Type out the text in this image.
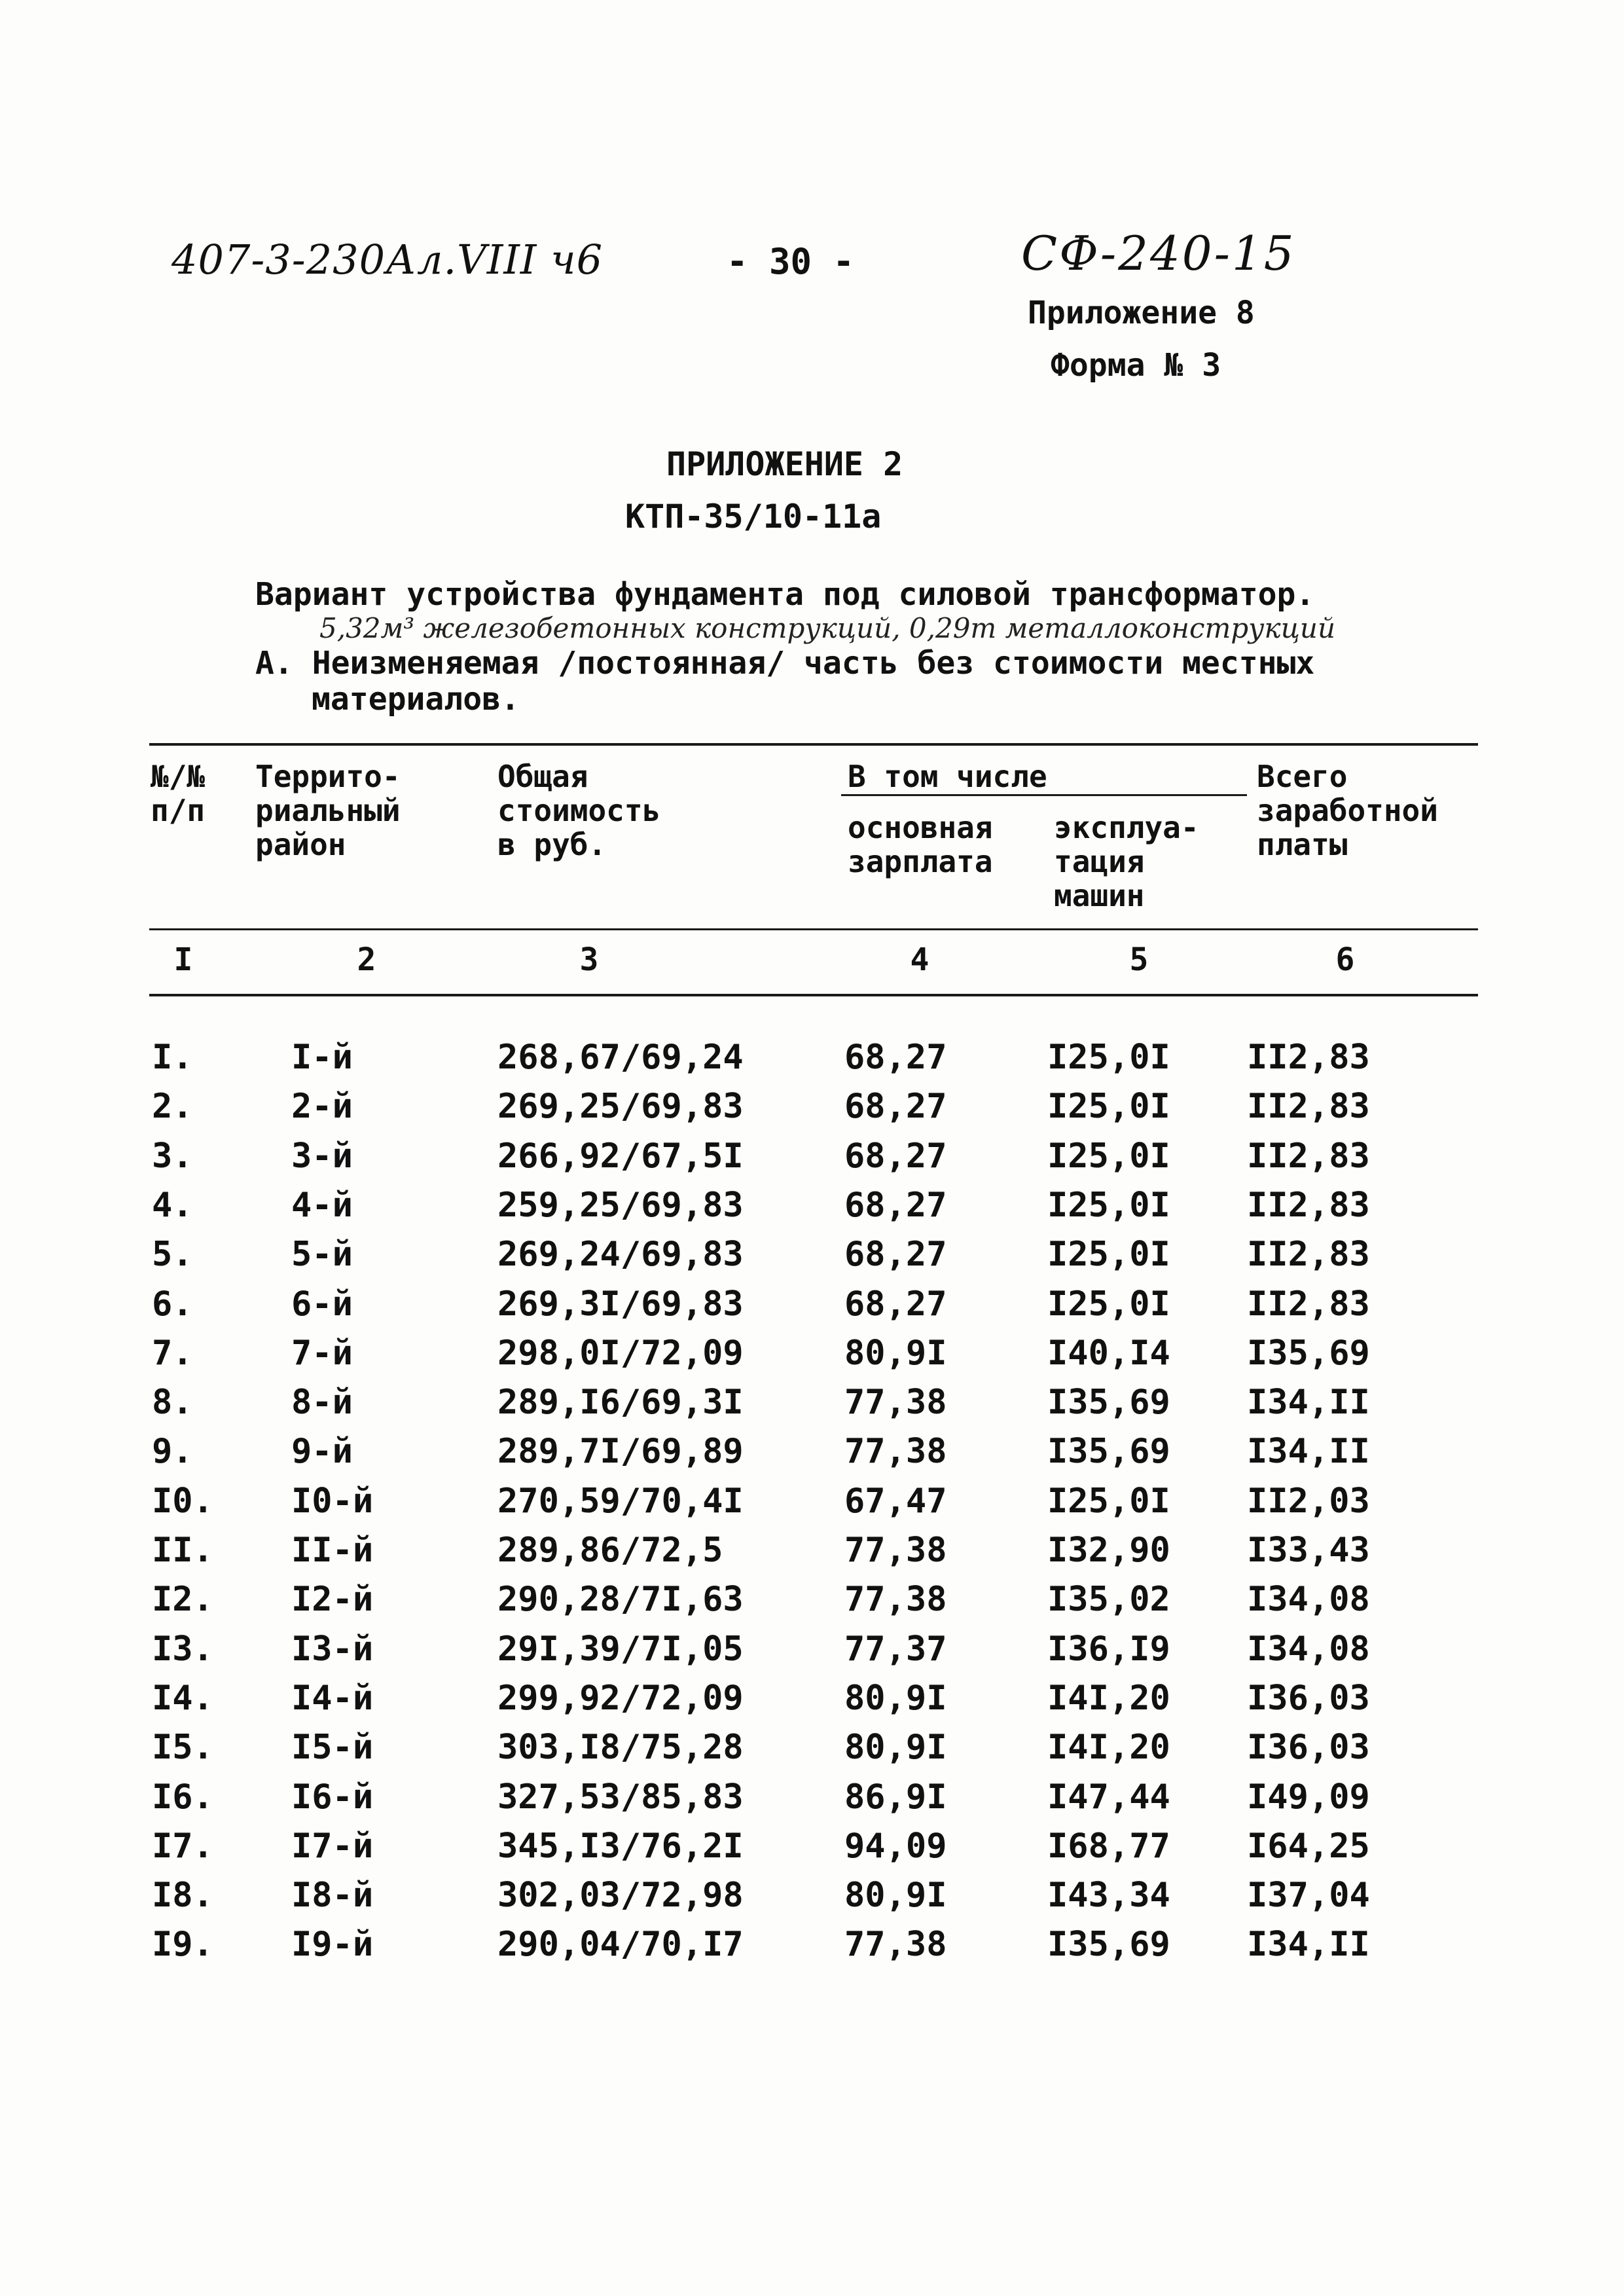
407-3-230Ал.VIII ч6	- 30 -	СФ-240-15
Приложение 8
Форма № 3
ПРИЛОЖЕНИЕ 2
КТП-35/10-11а
Вариант устройства фундамента под силовой трансформатор.
5,32м³ железобетонных конструкций, 0,29т металлоконструкций
А. Неизменяемая /постоянная/ часть без стоимости местных
материалов.
№/№
п/п
Террито-
риальный
район
Общая
стоимость
в руб.
В том числе
основная
зарплата
эксплуа-
тация
машин
Всего
заработной
платы
I	2	3	4	5	6
I.	I-й	268,67/69,24	68,27	I25,0I II2,83
2.	2-й	269,25/69,83	68,27	I25,0I II2,83
3.	3-й	266,92/67,5I	68,27	I25,0I II2,83
4.	4-й	259,25/69,83	68,27	I25,0I II2,83
5.	5-й	269,24/69,83	68,27	I25,0I II2,83
6.	6-й	269,3I/69,83	68,27	I25,0I II2,83
7.	7-й	298,0I/72,09	80,9I	I40,I4 I35,69
8.	8-й	289,I6/69,3I	77,38	I35,69 I34,II
9.	9-й	289,7I/69,89	77,38	I35,69 I34,II
I0. I0-й	270,59/70,4I	67,47	I25,0I II2,03
II. II-й	289,86/72,5	77,38	I32,90 I33,43
I2. I2-й	290,28/7I,63	77,38	I35,02 I34,08
I3. I3-й	29I,39/7I,05	77,37	I36,I9 I34,08
I4. I4-й	299,92/72,09	80,9I	I4I,20 I36,03
I5. I5-й	303,I8/75,28	80,9I	I4I,20 I36,03
I6. I6-й	327,53/85,83	86,9I	I47,44 I49,09
I7. I7-й	345,I3/76,2I	94,09	I68,77 I64,25
I8. I8-й	302,03/72,98	80,9I	I43,34 I37,04
I9. I9-й	290,04/70,I7	77,38	I35,69 I34,II
